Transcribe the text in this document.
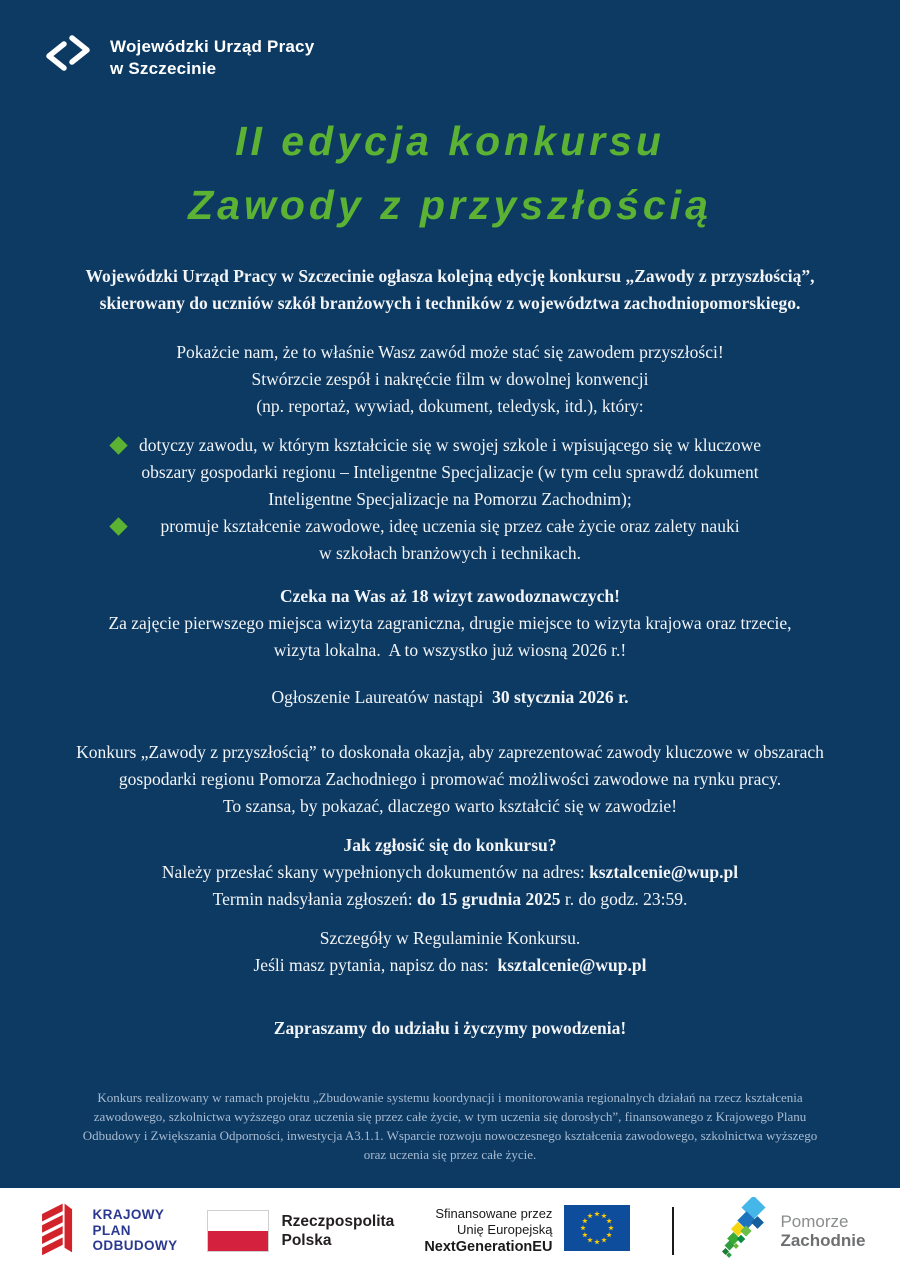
Wojewódzki Urząd Pracy
w Szczecinie
II edycja konkursu
Zawody z przyszłością
Wojewódzki Urząd Pracy w Szczecinie ogłasza kolejną edycję konkursu „Zawody z przyszłością”,
skierowany do uczniów szkół branżowych i techników z województwa zachodniopomorskiego.
Pokażcie nam, że to właśnie Wasz zawód może stać się zawodem przyszłości!
Stwórzcie zespół i nakręćcie film w dowolnej konwencji
(np. reportaż, wywiad, dokument, teledysk, itd.), który:
dotyczy zawodu, w którym kształcicie się w swojej szkole i wpisującego się w kluczowe
obszary gospodarki regionu – Inteligentne Specjalizacje (w tym celu sprawdź dokument
Inteligentne Specjalizacje na Pomorzu Zachodnim);
promuje kształcenie zawodowe, ideę uczenia się przez całe życie oraz zalety nauki
w szkołach branżowych i technikach.
Czeka na Was aż 18 wizyt zawodoznawczych!
Za zajęcie pierwszego miejsca wizyta zagraniczna, drugie miejsce to wizyta krajowa oraz trzecie,
wizyta lokalna.  A to wszystko już wiosną 2026 r.!
Ogłoszenie Laureatów nastąpi  30 stycznia 2026 r.
Konkurs „Zawody z przyszłością” to doskonała okazja, aby zaprezentować zawody kluczowe w obszarach
gospodarki regionu Pomorza Zachodniego i promować możliwości zawodowe na rynku pracy.
To szansa, by pokazać, dlaczego warto kształcić się w zawodzie!
Jak zgłosić się do konkursu?
Należy przesłać skany wypełnionych dokumentów na adres: ksztalcenie@wup.pl
Termin nadsyłania zgłoszeń: do 15 grudnia 2025 r. do godz. 23:59.
Szczegóły w Regulaminie Konkursu.
Jeśli masz pytania, napisz do nas:  ksztalcenie@wup.pl
Zapraszamy do udziału i życzymy powodzenia!
Konkurs realizowany w ramach projektu „Zbudowanie systemu koordynacji i monitorowania regionalnych działań na rzecz kształcenia
zawodowego, szkolnictwa wyższego oraz uczenia się przez całe życie, w tym uczenia się dorosłych”, finansowanego z Krajowego Planu
Odbudowy i Zwiększania Odporności, inwestycja A3.1.1. Wsparcie rozwoju nowoczesnego kształcenia zawodowego, szkolnictwa wyższego
oraz uczenia się przez całe życie.
KRAJOWY
PLAN
ODBUDOWY
Rzeczpospolita
Polska
Sfinansowane przez
Unię Europejską
NextGenerationEU
Pomorze
Zachodnie
